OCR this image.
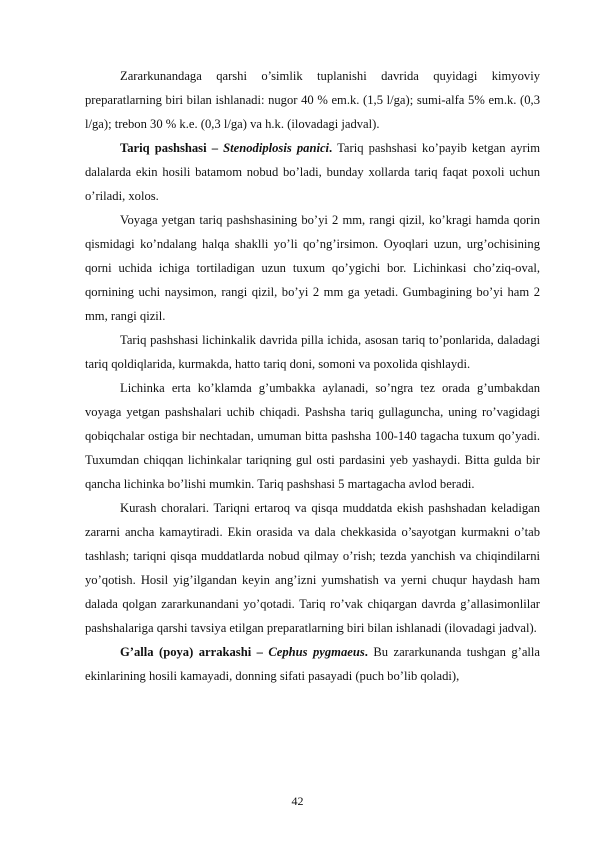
Zararkunandaga qarshi o’simlik tuplanishi davrida quyidagi kimyoviy preparatlarning biri bilan ishlanadi: nugor 40 % em.k. (1,5 l/ga); sumi-alfa 5% em.k. (0,3 l/ga); trebon 30 % k.e. (0,3 l/ga) va h.k. (ilovadagi jadval).

Tariq pashshasi – Stenodiplosis panici. Tariq pashshasi ko’payib ketgan ayrim dalalarda ekin hosili batamom nobud bo’ladi, bunday xollarda tariq faqat poxoli uchun o’riladi, xolos.

Voyaga yetgan tariq pashshasining bo’yi 2 mm, rangi qizil, ko’kragi hamda qorin qismidagi ko’ndalang halqa shaklli yo’li qo’ng’irsimon. Oyoqlari uzun, urg’ochisining qorni uchida ichiga tortiladigan uzun tuxum qo’ygichi bor. Lichinkasi cho’ziq-oval, qornining uchi naysimon, rangi qizil, bo’yi 2 mm ga yetadi. Gumbagining bo’yi ham 2 mm, rangi qizil.

Tariq pashshasi lichinkalik davrida pilla ichida, asosan tariq to’ponlarida, daladagi tariq qoldiqlarida, kurmakda, hatto tariq doni, somoni va poxolida qishlaydi.

Lichinka erta ko’klamda g’umbakka aylanadi, so’ngra tez orada g’umbakdan voyaga yetgan pashshalari uchib chiqadi. Pashsha tariq gullaguncha, uning ro’vagidagi qobiqchalar ostiga bir nechtadan, umuman bitta pashsha 100-140 tagacha tuxum qo’yadi. Tuxumdan chiqqan lichinkalar tariqning gul osti pardasini yeb yashaydi. Bitta gulda bir qancha lichinka bo’lishi mumkin. Tariq pashshasi 5 martagacha avlod beradi.

Kurash choralari. Tariqni ertaroq va qisqa muddatda ekish pashshadan keladigan zararni ancha kamaytiradi. Ekin orasida va dala chekkasida o’sayotgan kurmakni o’tab tashlash; tariqni qisqa muddatlarda nobud qilmay o’rish; tezda yanchish va chiqindilarni yo’qotish. Hosil yig’ilgandan keyin ang’izni yumshatish va yerni chuqur haydash ham dalada qolgan zararkunandani yo’qotadi. Tariq ro’vak chiqargan davrda g’allasimonlilar pashshalariga qarshi tavsiya etilgan preparatlarning biri bilan ishlanadi (ilovadagi jadval).

G’alla (poya) arrakashi – Cephus pygmaeus. Bu zararkunanda tushgan g’alla ekinlarining hosili kamayadi, donning sifati pasayadi (puch bo’lib qoladi),

42
